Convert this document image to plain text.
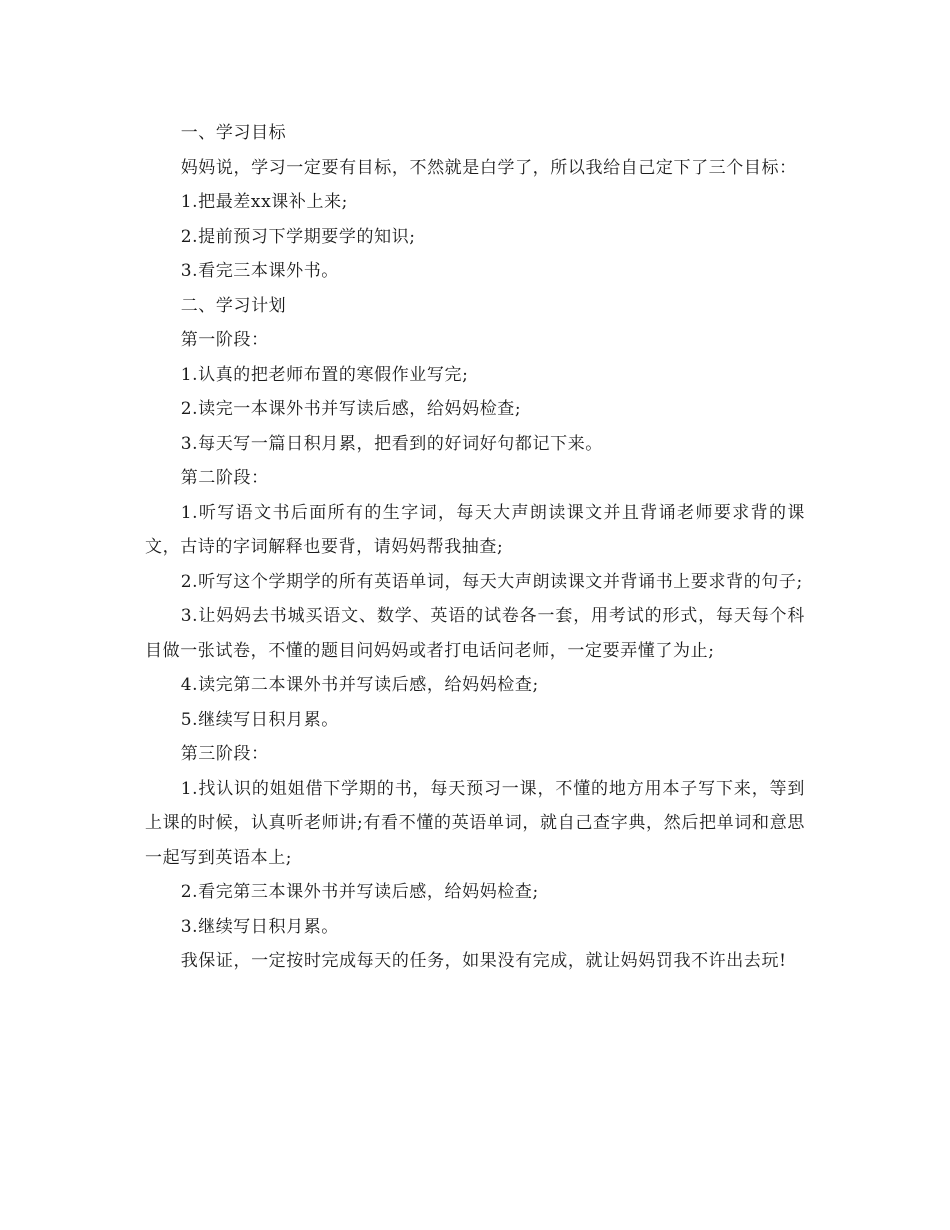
一、学习目标

妈妈说，学习一定要有目标，不然就是白学了，所以我给自己定下了三个目标：

1.把最差xx课补上来;

2.提前预习下学期要学的知识;

3.看完三本课外书。

二、学习计划

第一阶段：

1.认真的把老师布置的寒假作业写完;

2.读完一本课外书并写读后感，给妈妈检查;

3.每天写一篇日积月累，把看到的好词好句都记下来。

第二阶段：

1.听写语文书后面所有的生字词，每天大声朗读课文并且背诵老师要求背的课文，古诗的字词解释也要背，请妈妈帮我抽查;

2.听写这个学期学的所有英语单词，每天大声朗读课文并背诵书上要求背的句子;

3.让妈妈去书城买语文、数学、英语的试卷各一套，用考试的形式，每天每个科目做一张试卷，不懂的题目问妈妈或者打电话问老师，一定要弄懂了为止;

4.读完第二本课外书并写读后感，给妈妈检查;

5.继续写日积月累。

第三阶段：

1.找认识的姐姐借下学期的书，每天预习一课，不懂的地方用本子写下来，等到上课的时候，认真听老师讲;有看不懂的英语单词，就自己查字典，然后把单词和意思一起写到英语本上;

2.看完第三本课外书并写读后感，给妈妈检查;

3.继续写日积月累。

我保证，一定按时完成每天的任务，如果没有完成，就让妈妈罚我不许出去玩!
